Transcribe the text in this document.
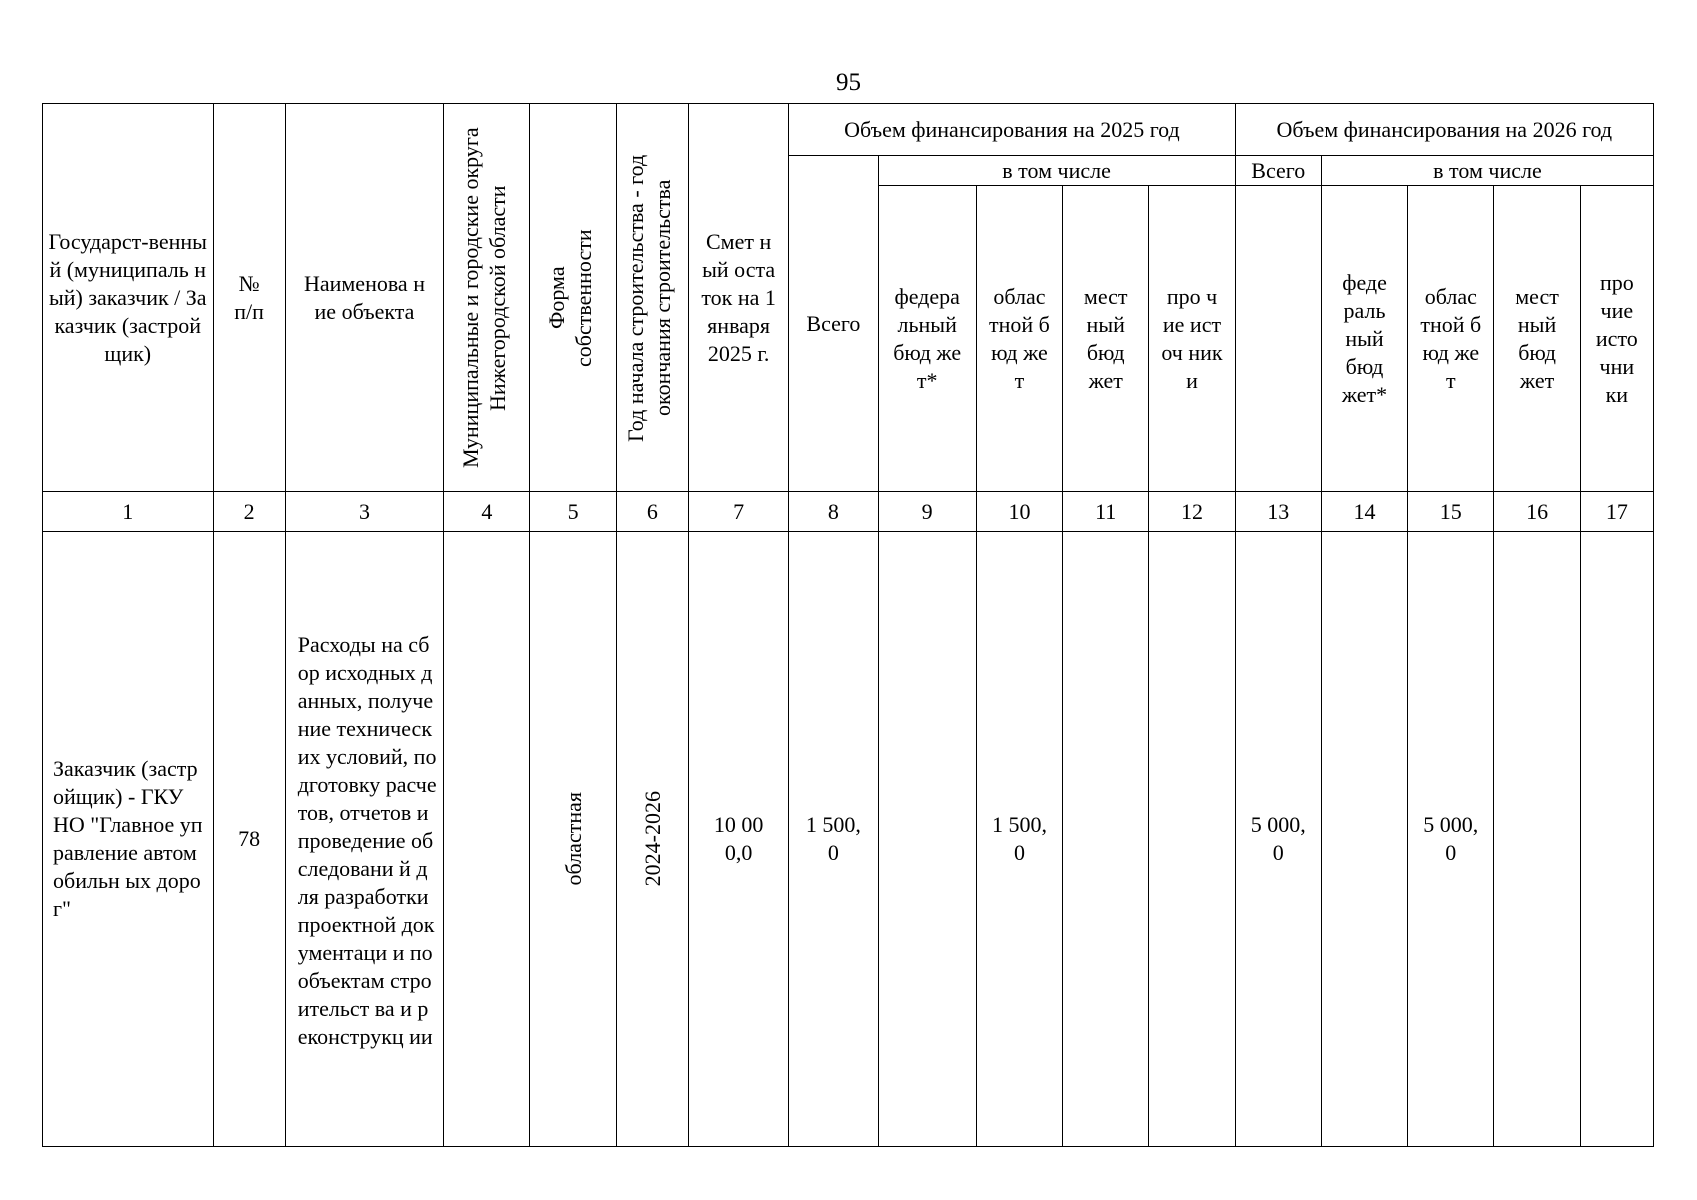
95
Государст-венный (муниципаль ный) заказчик / Заказчик (застройщик)	№ п/п	Наименова ние объекта	Муниципальные и городские округа Нижегородской области	Форма собственности	Год начала строительства - год окончания строительства	Смет ный оста ток на 1 января 2025 г.	Объем финансирования на 2025 год					Объем финансирования на 2026 год				
							Всего	в том числе				Всего	в том числе			

								федера льный бюд жет*	облас тной бюд жет	мест ный бюд жет	про чие источ ники		феде раль ный бюд жет*	облас тной бюд жет	мест ный бюд жет	про чие исто чни ки

1	2	3	4	5	6	7	8	9	10	11	12	13	14	15	16	17

Заказчик (застройщик) - ГКУ НО "Главное управление автомобильн ых дорог"	78	Расходы на сбор исходных данных, получение технических условий, подготовку расчетов, отчетов и проведение обследовани й для разработки проектной документаци и по объектам строительст ва и реконструкц ии		областная	2024-2026	10 000,0	1 500,0		1 500,0			5 000,0		5 000,0		
